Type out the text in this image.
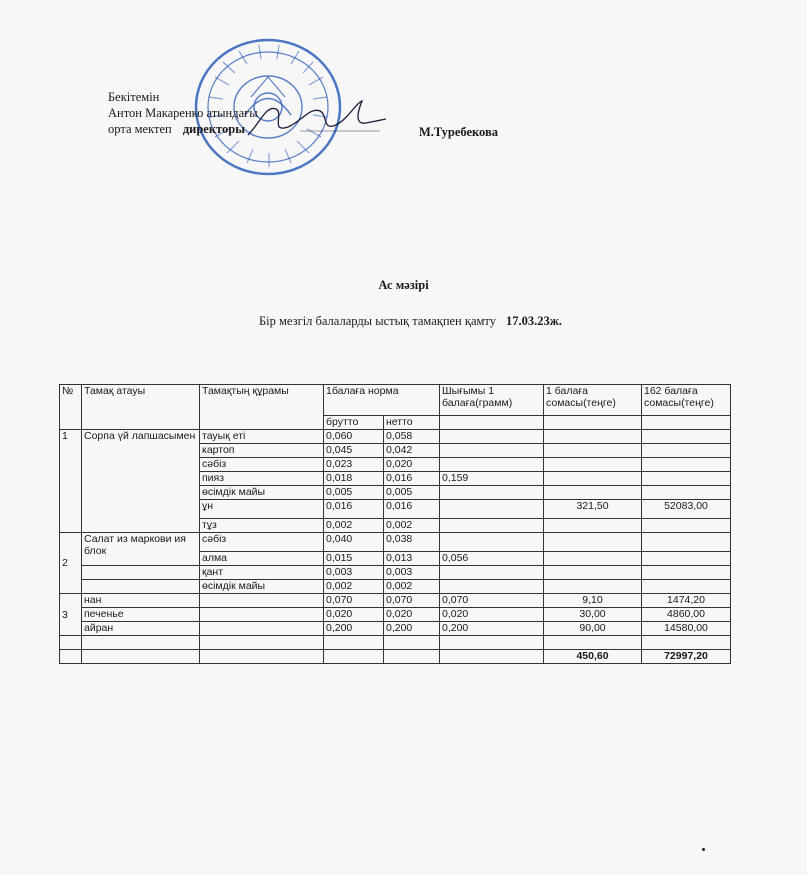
Бекітемін
Антон Макаренко атындағы
орта мектеп директоры	М.Туребекова
Ас мәзірі
Бір мезгіл балаларды ыстық тамақпен қамту 17.03.23ж.
№	Тамақ атауы	Тамақтың құрамы	1балаға норма		Шығымы 1 балаға(грамм)	1 балаға сомасы(теңге)	162 балаға сомасы(теңге)
			брутто	нетто			
1	Сорпа үй лапшасымен	тауық еті	0,060	0,058			
		картоп	0,045	0,042			
		сәбіз	0,023	0,020			
		пияз	0,018	0,016	0,159		
		өсімдік майы	0,005	0,005			
		ұн	0,016	0,016		321,50	52083,00
		тұз	0,002	0,002			
2	Салат из маркови ия блок	сәбіз	0,040	0,038			
		алма	0,015	0,013	0,056		
		қант	0,003	0,003			
		өсімдік майы	0,002	0,002			
3	нан		0,070	0,070	0,070	9,10	1474,20
	печенье		0,020	0,020	0,020	30,00	4860,00
	айран		0,200	0,200	0,200	90,00	14580,00

						450,60	72997,20
